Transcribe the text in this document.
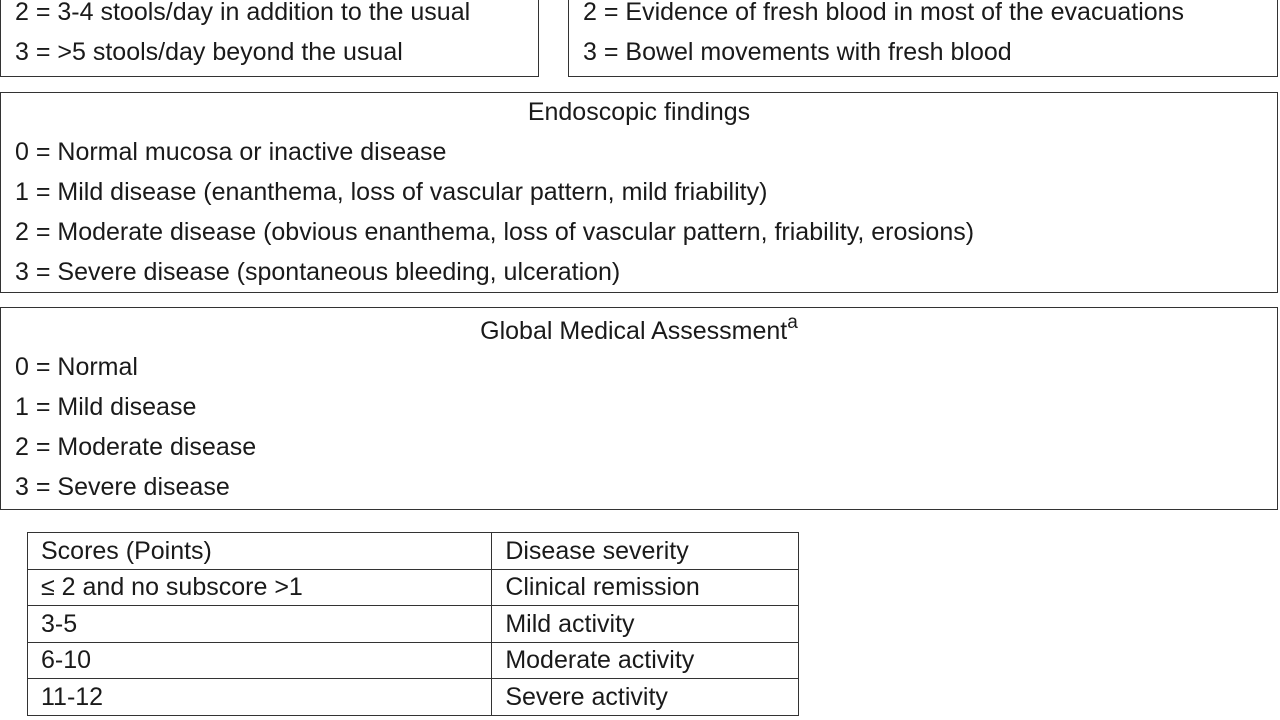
2 = 3-4 stools/day in addition to the usual
3 = >5 stools/day beyond the usual
2 = Evidence of fresh blood in most of the evacuations
3 = Bowel movements with fresh blood
Endoscopic findings
0 = Normal mucosa or inactive disease
1 = Mild disease (enanthema, loss of vascular pattern, mild friability)
2 = Moderate disease (obvious enanthema, loss of vascular pattern, friability, erosions)
3 = Severe disease (spontaneous bleeding, ulceration)
Global Medical Assessment$^a$
0 = Normal
1 = Mild disease
2 = Moderate disease
3 = Severe disease
Scores (Points)	Disease severity
≤ 2 and no subscore >1	Clinical remission
3-5	Mild activity
6-10	Moderate activity
11-12	Severe activity
